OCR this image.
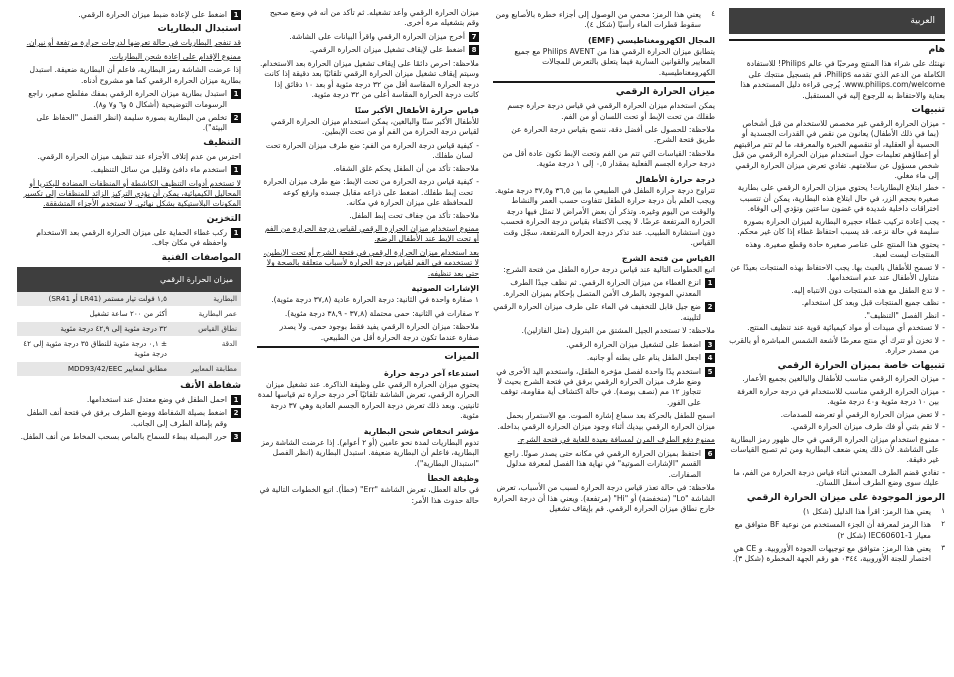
العربية
هام

نهنئك على شراء هذا المنتج ومرحبًا في عالم Philips! للاستفادة الكاملة من الدعم الذي تقدمه Philips، قم بتسجيل منتجك على www.philips.com/welcome. يُرجى قراءة دليل المستخدم هذا بعناية والاحتفاظ به للرجوع إليه في المستقبل.

تنبيهات
- ميزان الحرارة الرقمي غير مخصص للاستخدام من قبل أشخاص (بما في ذلك الأطفال) يعانون من نقص في القدرات الجسدية أو الحسية أو العقلية، أو تنقصهم الخبرة والمعرفة، ما لم تتم مراقبتهم أو إعطاؤهم تعليمات حول استخدام ميزان الحرارة الرقمي من قبل شخص مسؤول عن سلامتهم. تفادي تعرض ميزان الحرارة الرقمي إلى ماء مغلي.
- خطر ابتلاع البطاريات! يحتوي ميزان الحرارة الرقمي على بطارية صغيرة بحجم الزر، في حال ابتلاع هذه البطارية، يمكن أن تتسبب اختراقات داخلية شديدة في غضون ساعتين وتؤدي إلى الوفاة.
- يجب إعادة تركيب غطاء حجيرة البطارية لميزان الحرارة بصورة سليمة في حالة نزعه. قد يسبب احتفاظ غطاء إذا كان غير محكم.
- يحتوي هذا المنتج على عناصر صغيرة حادة وقطع صغيرة. وهذه المنتجات ليست لعبة.
- لا تسمح للأطفال بالعبث بها. يجب الاحتفاظ بهذه المنتجات بعيدًا عن متناول الأطفال عند عدم استخدامها.
- لا تدع الطفل مع هذه المنتجات دون الانتباه إليه.
- نظف جميع المنتجات قبل وبعد كل استخدام.
- انظر الفصل "التنظيف".
- لا تستخدم أي مبيدات أو مواد كيميائية قوية عند تنظيف المنتج.
- لا تخزن أو تترك أي منتج معرضًا لأشعة الشمس المباشرة أو بالقرب من مصدر حرارة.
تنبيهات خاصة بميزان الحرارة الرقمي
- ميزان الحرارة الرقمي مناسب للأطفال والبالغين بجميع الأعمار.
- ميزان الحرارة الرقمي مناسب للاستخدام في درجة حرارة الغرفة بين ١٠ درجة مئوية و٤٠ درجة مئوية.
- لا تعض ميزان الحرارة الرقمي أو تعرضه للصدمات.
- لا تقم بثني أو فك طرف ميزان الحرارة الرقمي.
- ممنوع استخدام ميزان الحرارة الرقمي في حال ظهور رمز البطارية على الشاشة. لأن ذلك يعني ضعف البطارية ومن ثم تصبح القياسات غير دقيقة.
- تفادي قضم الطرف المعدني أثناء قياس درجة الحرارة من الفم، ما عليك سوى وضع الطرف أسفل اللسان.
الرموز الموجودة على ميزان الحرارة الرقمي
١
يعني هذا الرمز: اقرأ هذا الدليل (شكل ١)
٢
هذا الرمز لمعرفة أن الجزء المستخدم من نوعية BF متوافق مع معيار IEC60601-1 (شكل ٢)
٣
يعني هذا الرمز: متوافق مع توجيهات الجودة الأوروبية. و CE هي اختصار للجنة الأوروبية، ٠٣٤٤ هو رقم الجهة المخطرة (شكل ٣).
٤
يعني هذا الرمز: محمي من الوصول إلى أجزاء خطرة بالأصابع ومن سقوط قطرات الماء رأسيًا (شكل ٤).
المجال الكهرومغناطيسي (EMF)

يتطابق ميزان الحرارة الرقمي هذا من Philips AVENT مع جميع المعايير والقوانين السارية فيما يتعلق بالتعرض للمجالات الكهرومغناطيسية.

ميزان الحرارة الرقمي

يمكن استخدام ميزان الحرارة الرقمي في قياس درجة حرارة جسم طفلك من تحت الإبط أو تحت اللسان أو من الفم.

ملاحظة: للحصول على أفضل دقة، ننصح بقياس درجة الحرارة عن طريق فتحة الشرج.

ملاحظة: القياسات التي تتم من الفم وتحت الإبط تكون عادة أقل من درجة حرارة الجسم الفعلية بمقدار ٠,٥ إلى ١ درجة مئوية.

درجة حرارة الأطفال

تتراوح درجة حرارة الطفل في الطبيعي ما بين ٣٦,٥ و٣٧,٥ درجة مئوية. ويجب العلم بأن درجة حرارة الطفل تتفاوت حسب العمر والنشاط والوقت من اليوم وغيره. وتذكر أن بعض الأمراض لا تمثل فيها درجة الحرارة المرتفعة عرضًا. لا يجب الاكتفاء بقياس درجة الحرارة فحسب دون استشارة الطبيب. عند تذكر درجة الحرارة المرتفعة، سجّل وقت القياس.

القياس من فتحة الشرج

اتبع الخطوات التالية عند قياس درجة حرارة الطفل من فتحة الشرج:

1
انزع الغطاء من ميزان الحرارة الرقمي. ثم نظف جيدًا الطرف المعدني الموجود بالطرف الأمن المتصل بإحكام بميزان الحرارة.
2
ضع جيل قابل للتخفيف في الماء على طرف ميزان الحرارة الرقمي لتليينه.

ملاحظة: لا تستخدم الجيل المشتق من البترول (مثل الفازلين).

3
اضغط على لتشغيل ميزان الحرارة الرقمي.
4
اجعل الطفل ينام على بطنه أو جانبه.
5
استخدم يدًا واحدة لفصل مؤخرة الطفل، واستخدم اليد الأخرى في وضع طرف ميزان الحرارة الرقمي برفق في فتحة الشرج بحيث لا تتجاوز ١٢ مم (نصف بوصة). في حالة اكتشاف أية مقاومة، توقف على الفور.

اسمح للطفل بالحركة بعد سماع إشارة الصوت. مع الاستمرار بحمل ميزان الحرارة الرقمي بيديك أثناء وجود ميزان الحرارة الرقمي بداخله.

ممنوع دفع الطرف المرن لمسافة بعيدة للغاية في فتحة الشرج.

6
احتفظ بميزان الحرارة الرقمي في مكانه حتى يصدر صوتًا. راجع القسم "الإشارات الصوتية" في نهاية هذا الفصل لمعرفة مدلول الصفارات.

ملاحظة: في حالة تعذر قياس درجة الحرارة لسبب من الأسباب، تعرض الشاشة "Lo" (منخفضة) أو "Hi" (مرتفعة). ويعني هذا أن درجة الحرارة خارج نطاق ميزان الحرارة الرقمي. قم بإيقاف تشغيل

ميزان الحرارة الرقمي وأعد تشغيله. ثم تأكد من أنه في وضع صحيح وقم بتشغيله مرة أخرى.

7
أخرج ميزان الحرارة الرقمي واقرأ البيانات على الشاشة.
8
اضغط على لإيقاف تشغيل ميزان الحرارة الرقمي.

ملاحظة: احرص دائمًا على إيقاف تشغيل ميزان الحرارة بعد الاستخدام. وسيتم إيقاف تشغيل ميزان الحرارة الرقمي تلقائيًا بعد دقيقة إذا كانت درجة الحرارة المقاسة أقل من ٣٢ درجة مئوية أو بعد ١٠ دقائق إذا كانت درجة الحرارة المقاسة أعلى من ٣٢ درجة مئوية.

قياس حرارة الأطفال الأكبر سنًا

للأطفال الأكبر سنًا والبالغين، يمكن استخدام ميزان الحرارة الرقمي لقياس درجة الحرارة من الفم أو من تحت الإبطين.

- كيفية قياس درجة الحرارة من الفم: ضع طرف ميزان الحرارة تحت لسان طفلك.

ملاحظة: تأكد من أن الطفل يحكم غلق الشفاه.

- كيفية قياس درجة الحرارة من تحت الإبط: ضع طرف ميزان الحرارة تحت إبط طفلك. اضغط على ذراعه مقابل جسده وارفع كوعه للمحافظة على ميزان الحرارة في مكانه.

ملاحظة: تأكد من جفاف تحت إبط الطفل.

ممنوع استخدام ميزان الحرارة الرقمي لقياس درجة الحرارة من الفم أو تحت الإبط عند الأطفال الرضع.

بعد استخدام ميزان الحرارة الرقمي في فتحة الشرج أو تحت الإبطين، لا تستخدمه في الفم لقياس درجة الحرارة لأسباب متعلقة بالصحة ولا حتى بعد تنظيفه.

الإشارات الصوتية

١ صفارة واحدة في الثانية: درجة الحرارة عادية (٣٧,٨ درجة مئوية).

٢ صفارات في الثانية: حمى محتملة (٣٧,٨ - ٣٨,٩ درجة مئوية).

ملاحظة: ميزان الحرارة الرقمي يفيد فقط بوجود حمى. ولا يصدر صفارة عندما تكون درجة الحرارة أقل من الطبيعي.

الميزات
استدعاء آخر درجة حرارة

يحتوي ميزان الحرارة الرقمي على وظيفة الذاكرة. عند تشغيل ميزان الحرارة الرقمي، تعرض الشاشة تلقائيًا آخر درجة حرارة تم قياسها لمدة ثانيتين. وبعد ذلك تعرض درجة الحرارة الجسم العادية وهي ٣٧ درجة مئوية.

مؤشر انخفاض شحن البطارية

تدوم البطاريات لمدة نحو عامين (أو ٢ أعوام). إذا عرضت الشاشة رمز البطارية، فاعلم أن البطارية ضعيفة. استبدل البطارية (انظر الفصل "استبدال البطارية").

وظيفة الخطأ

في حالة العطل، تعرض الشاشة "Err" (خطأ). اتبع الخطوات التالية في حالة حدوث هذا الأمر:

1
اضغط على لإعادة ضبط ميزان الحرارة الرقمي.
استبدال البطاريات

قد تنفجر البطاريات في حالة تعرضها لدرجات حرارة مرتفعة أو نيران.

ممنوع الإقدام على إعادة شحن البطاريات.

إذا عرضت الشاشة رمز البطارية، فاعلم أن البطارية ضعيفة. استبدل بطارية ميزان الحرارة الرقمي كما هو مشروح أدناه.

1
استبدل بطارية ميزان الحرارة الرقمي بمفك مفلطح صغير، راجع الرسومات التوضيحية (أشكال ٥ و٦ و٧ و٨).
2
تخلص من البطارية بصورة سليمة (انظر الفصل "الحفاظ على البيئة").
التنظيف

احترس من عدم إتلاف الأجزاء عند تنظيف ميزان الحرارة الرقمي.

1
استخدم ماء دافئ وقليل من سائل التنظيف.

لا تستخدم أدوات التنظيف الكاشطة أو المنظفات المضادة للبكتريا أو المحاليل الكيميائية، يمكن أن يؤدي التركيز الزائد للمنظفات إلى تكسير المكونات البلاستيكية بشكل نهائي. لا تستخدم الأجزاء المتشققة.

التخزين
1
ركب غطاء الحماية على ميزان الحرارة الرقمي بعد الاستخدام واحفظه في مكان جاف.
المواصفات الفنية
ميزان الحرارة الرقمي	
البطارية	١,٥ فولت تيار مستمر (LR41 أو SR41)
عمر البطارية	أكثر من ٢٠٠ ساعة تشغيل
نطاق القياس	٣٢ درجة مئوية إلى ٤٢,٩ درجة مئوية
الدقة	± ٠,١ درجة مئوية للنطاق ٣٥ درجة مئوية إلى ٤٢ درجة مئوية
مطابقة المعايير	مطابق لمعايير MDD93/42/EEC
شفاطة الأنف
1
احمل الطفل في وضع معتدل عند استخدامها.
2
اضغط بصيلة الشفاطة ووضع الطرف برفق في فتحة أنف الطفل وقم بإمالة الطرف إلى الجانب.
3
حرر البصيلة ببطء للسماح بالماص بسحب المخاط من أنف الطفل.
